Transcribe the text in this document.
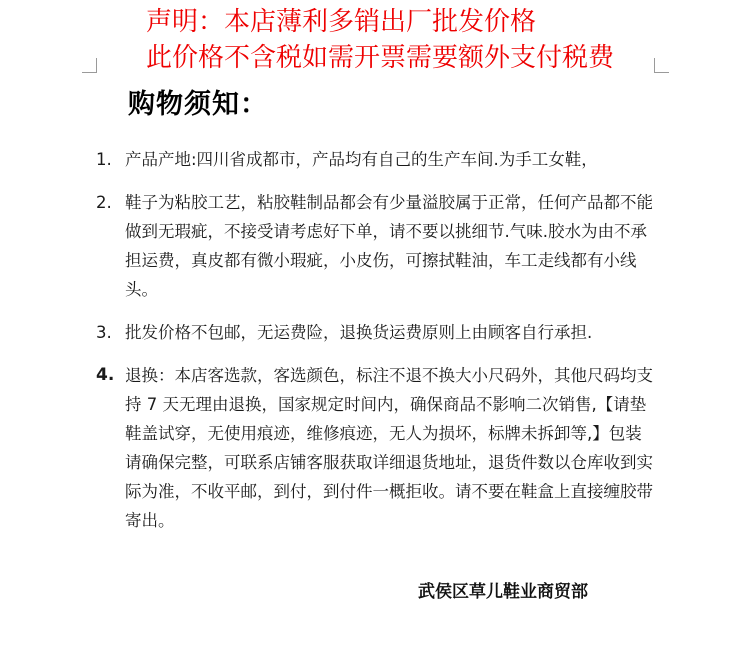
声明：本店薄利多销出厂批发价格
此价格不含税如需开票需要额外支付税费
购物须知：
1. 产品产地:四川省成都市，产品均有自己的生产车间.为手工女鞋，
2. 鞋子为粘胶工艺，粘胶鞋制品都会有少量溢胶属于正常，任何产品都不能做到无瑕疵，不接受请考虑好下单，请不要以挑细节.气味.胶水为由不承担运费，真皮都有微小瑕疵，小皮伤，可擦拭鞋油，车工走线都有小线头。
3. 批发价格不包邮，无运费险，退换货运费原则上由顾客自行承担.
4. 退换：本店客选款，客选颜色，标注不退不换大小尺码外，其他尺码均支持 7 天无理由退换，国家规定时间内，确保商品不影响二次销售,【请垫鞋盖试穿，无使用痕迹，维修痕迹，无人为损坏，标牌未拆卸等,】包装请确保完整，可联系店铺客服获取详细退货地址，退货件数以仓库收到实际为准，不收平邮，到付，到付件一概拒收。请不要在鞋盒上直接缠胶带寄出。

武侯区草儿鞋业商贸部
